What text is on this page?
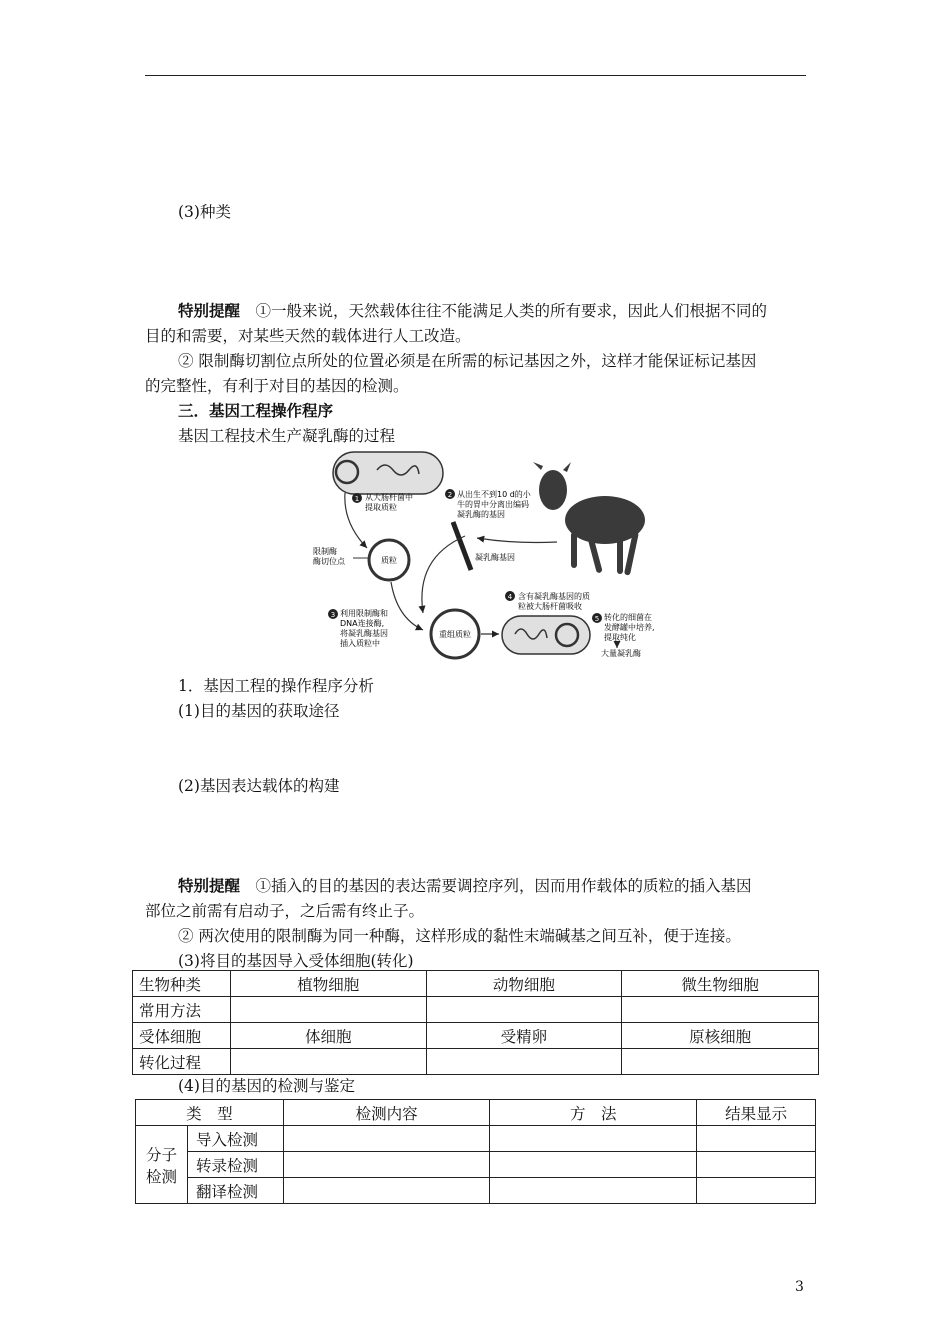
(3)种类
特别提醒　 ①一般来说，天然载体往往不能满足人类的所有要求，因此人们根据不同的
目的和需要，对某些天然的载体进行人工改造。
② 限制酶切割位点所处的位置必须是在所需的标记基因之外，这样才能保证标记基因
的完整性，有利于对目的基因的检测。
三．基因工程操作程序
基因工程技术生产凝乳酶的过程
1 从大肠杆菌中
提取质粒
质粒
限制酶
酶切位点
3 利用限制酶和
DNA连接酶,
将凝乳酶基因
插入质粒中
重组质粒
凝乳酶基因
2 从出生不到10 d的小
牛的胃中分离出编码
凝乳酶的基因
4 含有凝乳酶基因的质
粒被大肠杆菌吸收
5 转化的细菌在
发酵罐中培养,
提取纯化
大量凝乳酶
1．基因工程的操作程序分析
(1)目的基因的获取途径
(2)基因表达载体的构建
特别提醒　 ①插入的目的基因的表达需要调控序列，因而用作载体的质粒的插入基因
部位之前需有启动子，之后需有终止子。
② 两次使用的限制酶为同一种酶，这样形成的黏性末端碱基之间互补，便于连接。
(3)将目的基因导入受体细胞(转化)
生物种类	植物细胞	动物细胞	微生物细胞
常用方法			
受体细胞	体细胞	受精卵	原核细胞
转化过程			
(4)目的基因的检测与鉴定
类　型		检测内容	方　法	结果显示
分子
检测	导入检测			
	转录检测			
	翻译检测			
3
